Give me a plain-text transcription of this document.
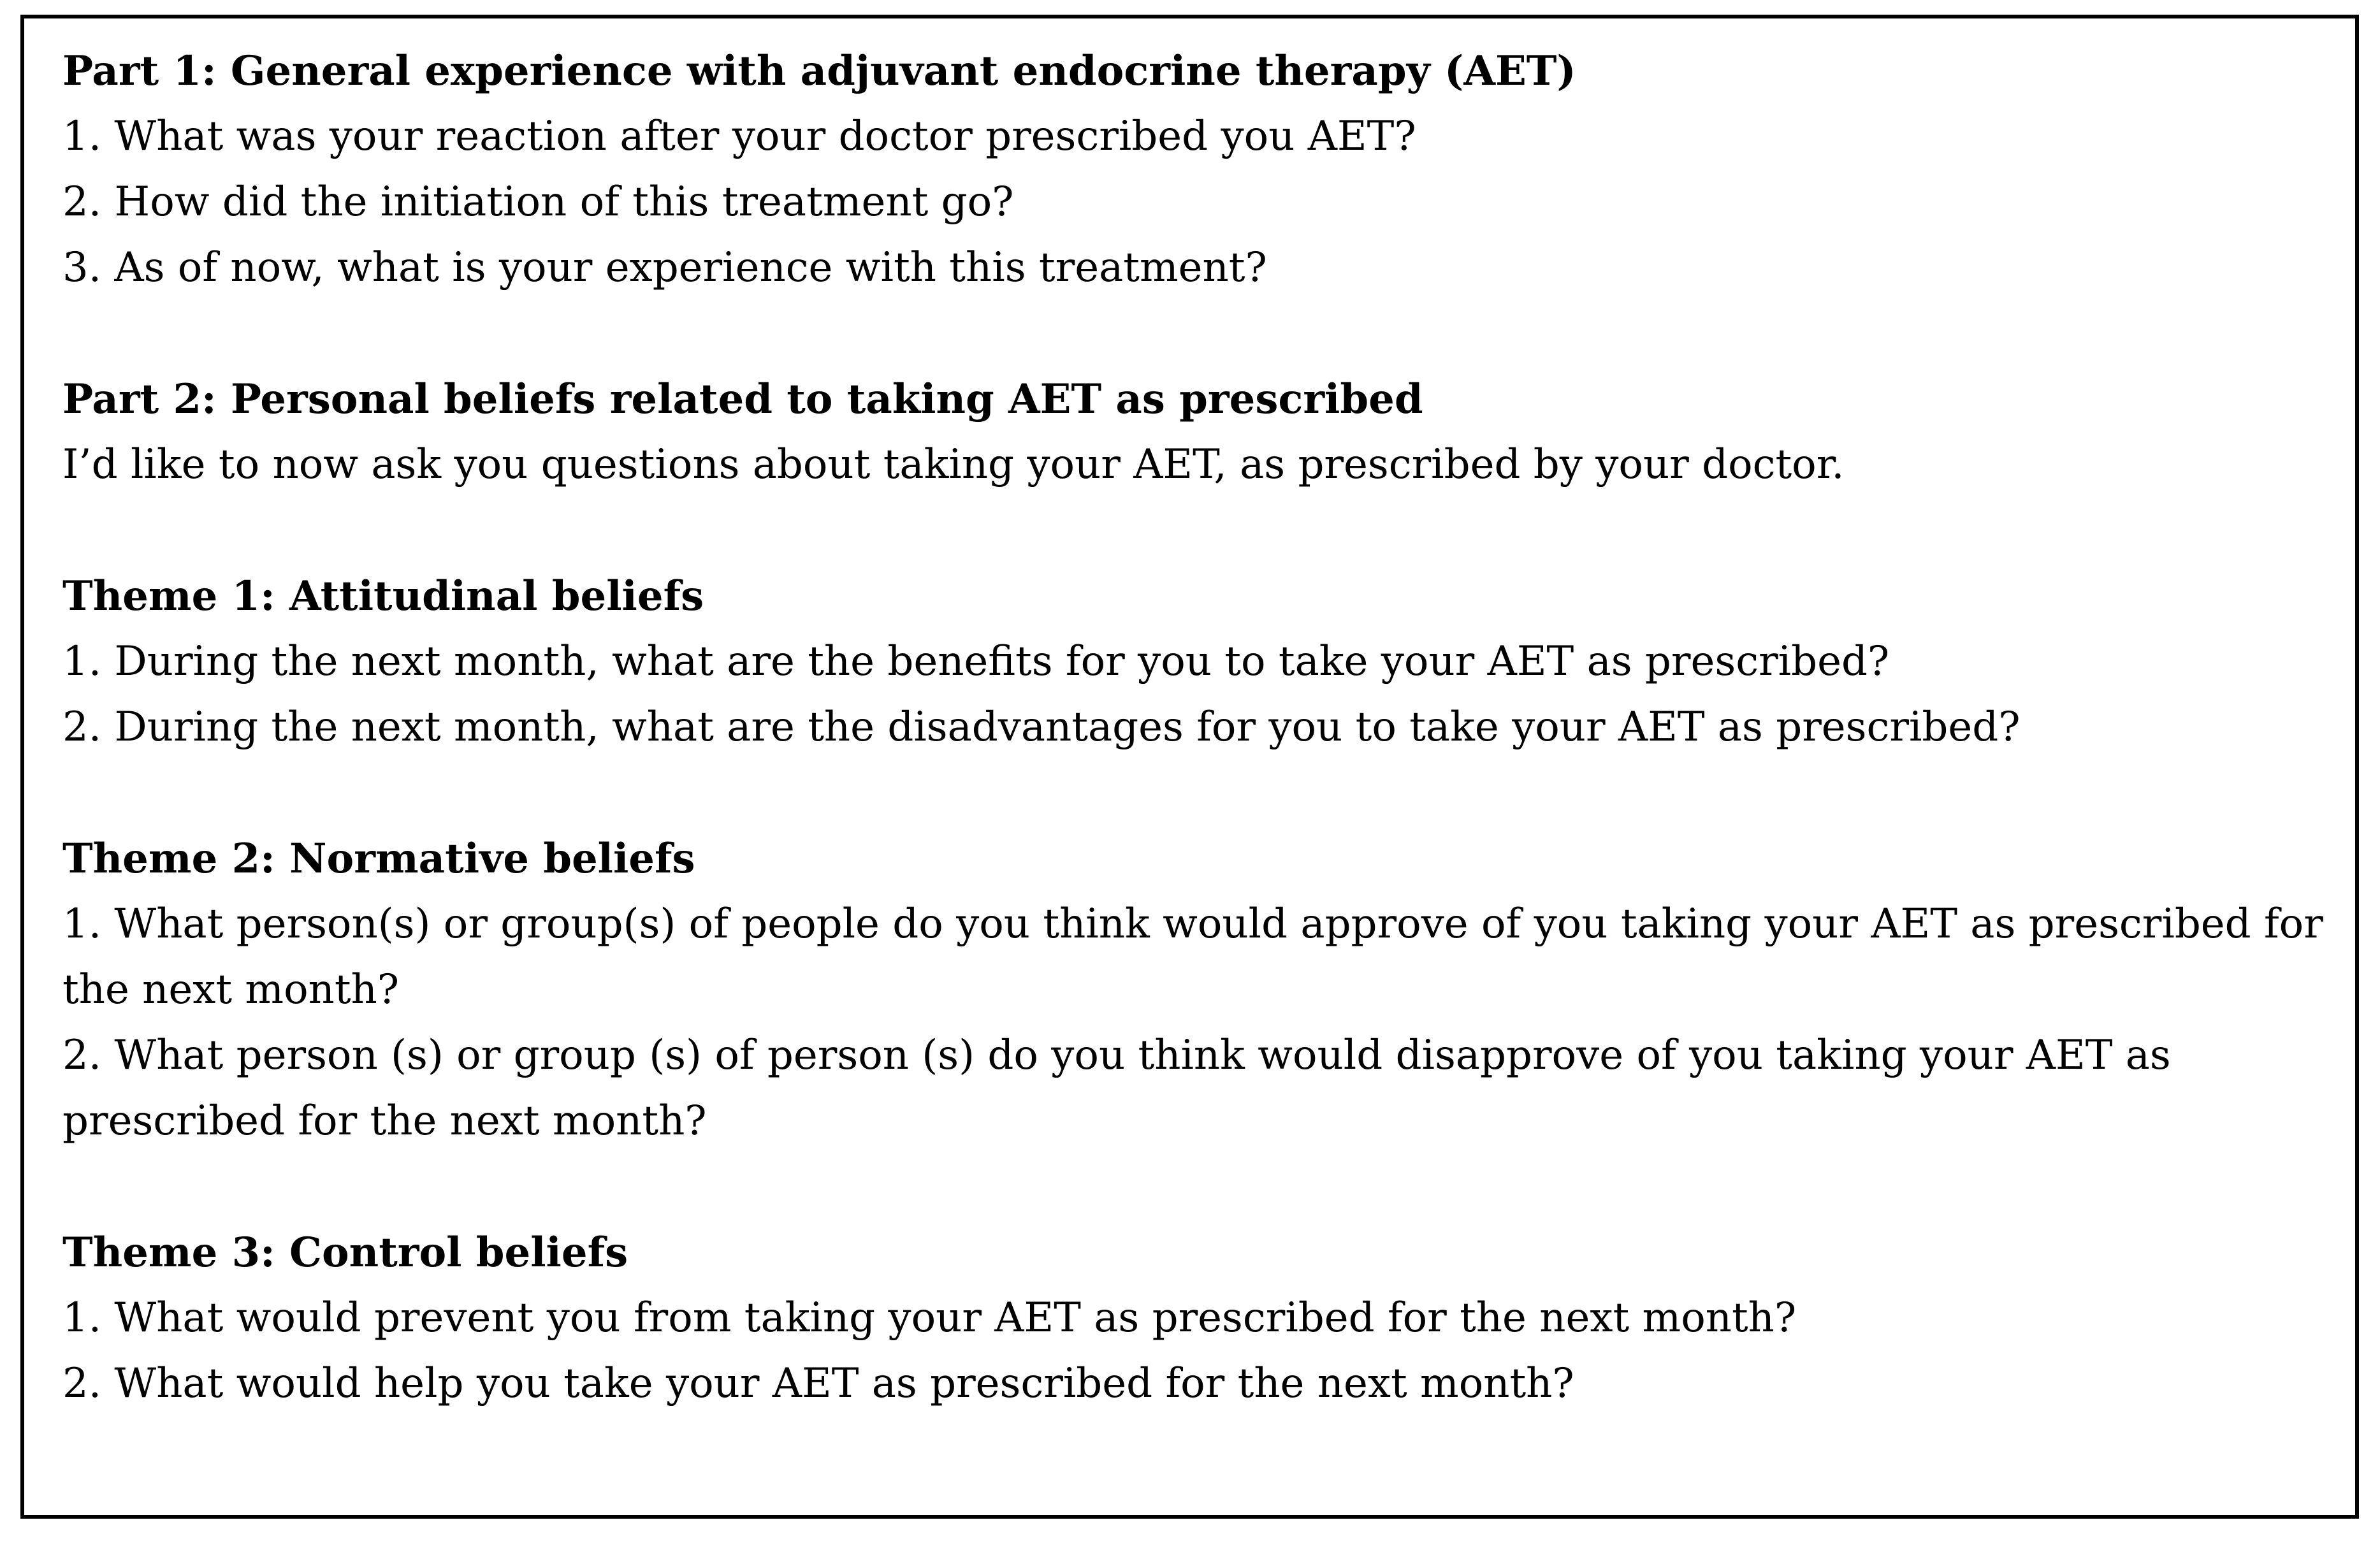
Part 1: General experience with adjuvant endocrine therapy (AET)
1. What was your reaction after your doctor prescribed you AET?
2. How did the initiation of this treatment go?
3. As of now, what is your experience with this treatment?
Part 2: Personal beliefs related to taking AET as prescribed
I’d like to now ask you questions about taking your AET, as prescribed by your doctor.
Theme 1: Attitudinal beliefs
1. During the next month, what are the benefits for you to take your AET as prescribed?
2. During the next month, what are the disadvantages for you to take your AET as prescribed?
Theme 2: Normative beliefs
1. What person(s) or group(s) of people do you think would approve of you taking your AET as prescribed for the next month?
2. What person (s) or group (s) of person (s) do you think would disapprove of you taking your AET as prescribed for the next month?
Theme 3: Control beliefs
1. What would prevent you from taking your AET as prescribed for the next month?
2. What would help you take your AET as prescribed for the next month?
